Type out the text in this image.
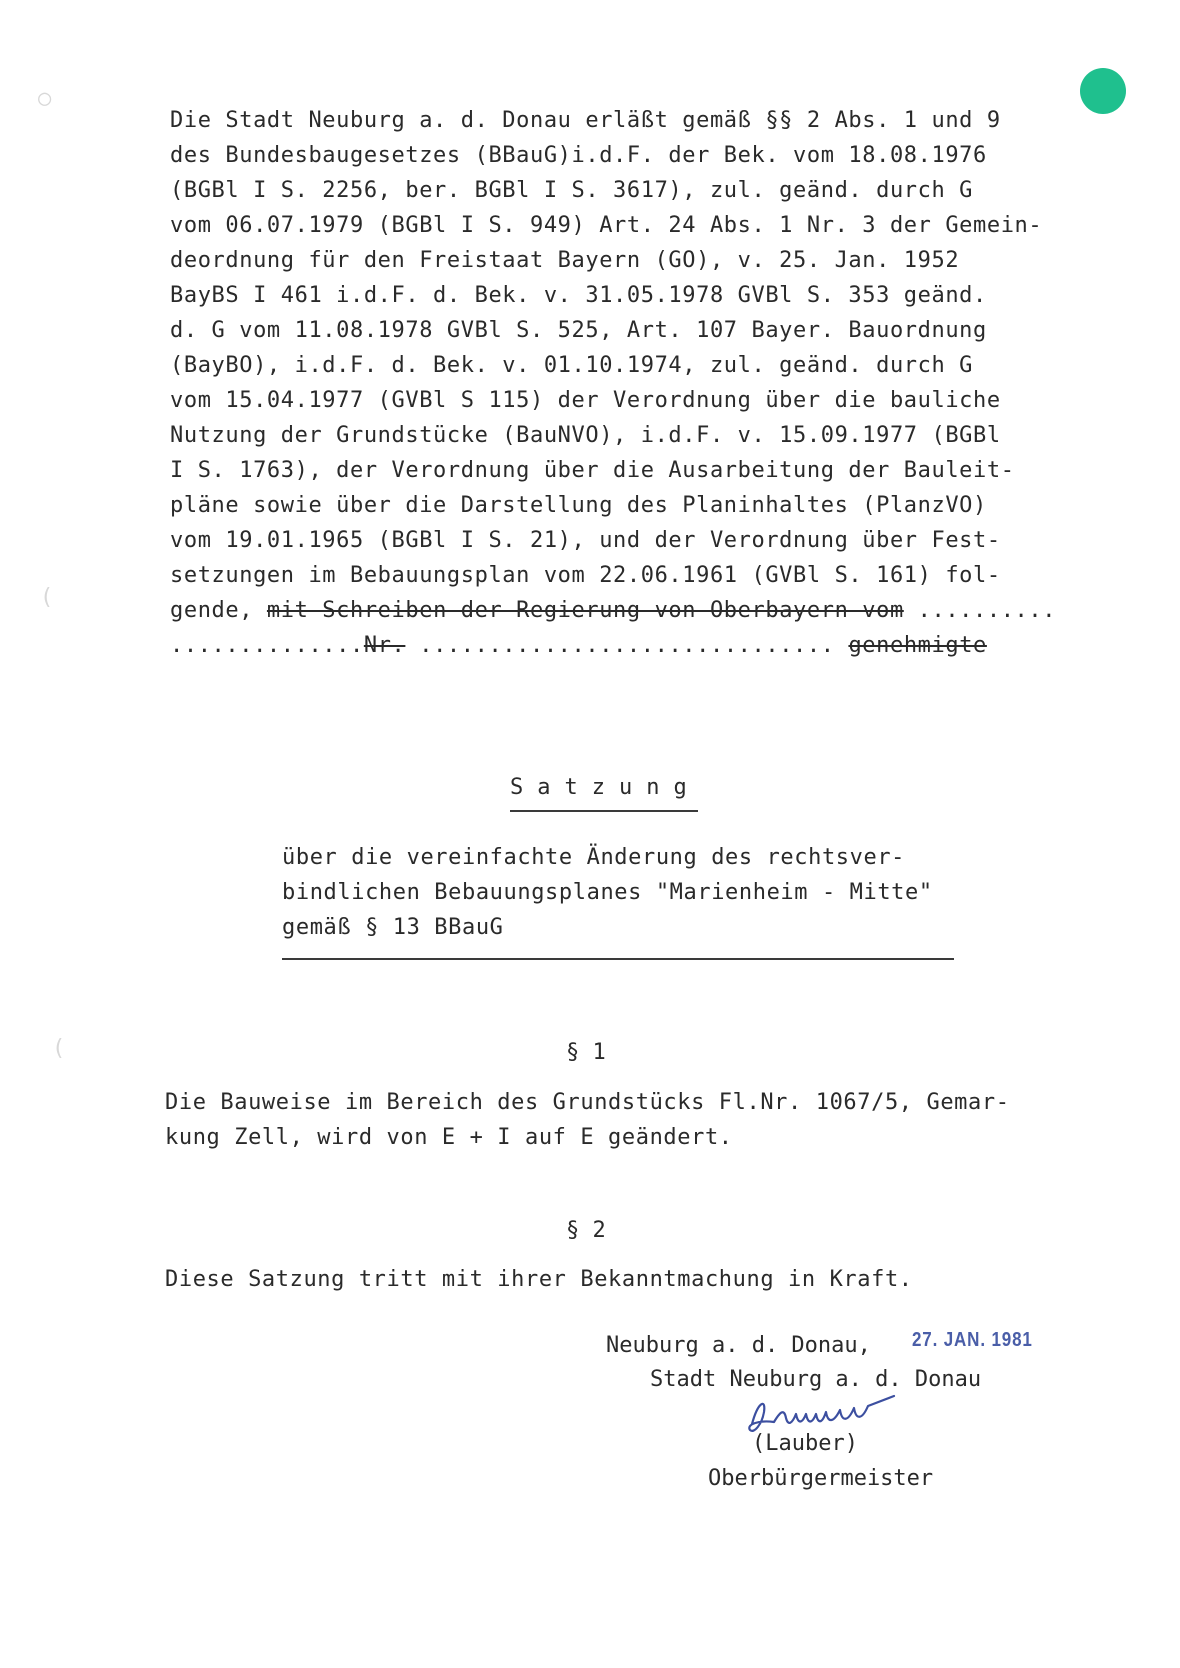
○
(
(
Die Stadt Neuburg a. d. Donau erläßt gemäß §§ 2 Abs. 1 und 9
des Bundesbaugesetzes (BBauG)i.d.F. der Bek. vom 18.08.1976
(BGBl I S. 2256, ber. BGBl I S. 3617), zul. geänd. durch G
vom 06.07.1979 (BGBl I S. 949) Art. 24 Abs. 1 Nr. 3 der Gemein-
deordnung für den Freistaat Bayern (GO), v. 25. Jan. 1952
BayBS I 461 i.d.F. d. Bek. v. 31.05.1978 GVBl S. 353 geänd.
d. G vom 11.08.1978 GVBl S. 525, Art. 107 Bayer. Bauordnung
(BayBO), i.d.F. d. Bek. v. 01.10.1974, zul. geänd. durch G
vom 15.04.1977 (GVBl S 115) der Verordnung über die bauliche
Nutzung der Grundstücke (BauNVO), i.d.F. v. 15.09.1977 (BGBl
I S. 1763), der Verordnung über die Ausarbeitung der Bauleit-
pläne sowie über die Darstellung des Planinhaltes (PlanzVO)
vom 19.01.1965 (BGBl I S. 21), und der Verordnung über Fest-
setzungen im Bebauungsplan vom 22.06.1961 (GVBl S. 161) fol-
gende, mit Schreiben der Regierung von Oberbayern vom ..........
..............Nr. .............................. genehmigte
Satzung
über die vereinfachte Änderung des rechtsver-
bindlichen Bebauungsplanes "Marienheim - Mitte"
gemäß § 13 BBauG
§ 1
Die Bauweise im Bereich des Grundstücks Fl.Nr. 1067/5, Gemar-
kung Zell, wird von E + I auf E geändert.
§ 2
Diese Satzung tritt mit ihrer Bekanntmachung in Kraft.
Neuburg a. d. Donau, 27. JAN. 1981
Stadt Neuburg a. d. Donau
(Lauber)
Oberbürgermeister
